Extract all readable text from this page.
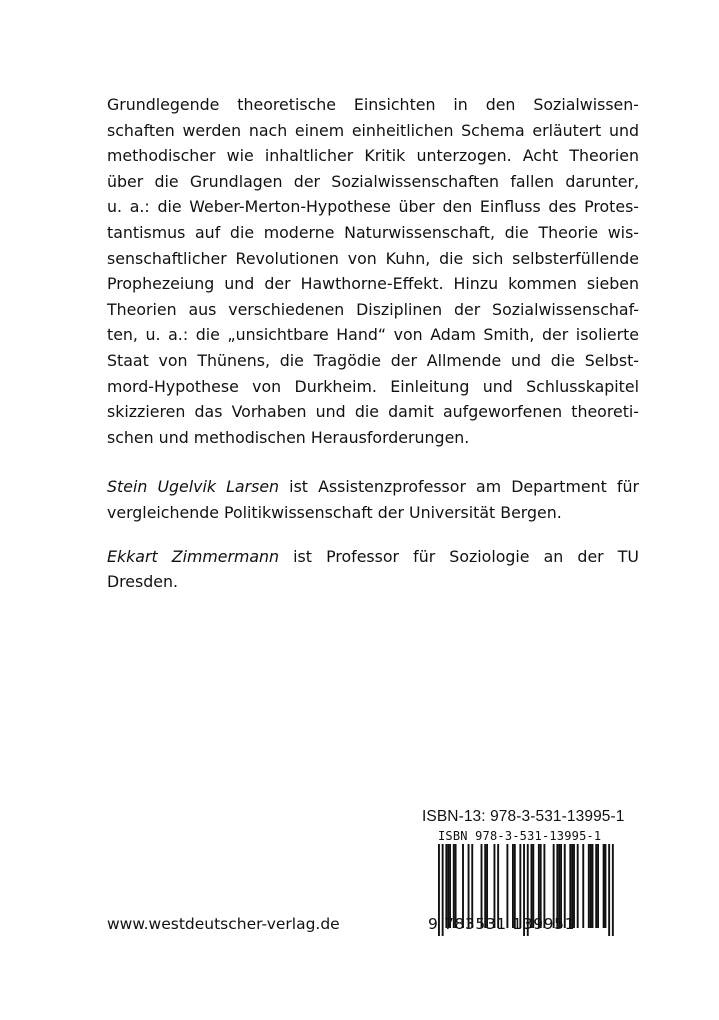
Grundlegende theoretische Einsichten in den Sozialwissen-
schaften werden nach einem einheitlichen Schema erläutert und
methodischer wie inhaltlicher Kritik unterzogen. Acht Theorien
über die Grundlagen der Sozialwissenschaften fallen darunter,
u. a.: die Weber-Merton-Hypothese über den Einfluss des Protes-
tantismus auf die moderne Naturwissenschaft, die Theorie wis-
senschaftlicher Revolutionen von Kuhn, die sich selbsterfüllende
Prophezeiung und der Hawthorne-Effekt. Hinzu kommen sieben
Theorien aus verschiedenen Disziplinen der Sozialwissenschaf-
ten, u. a.: die „unsichtbare Hand“ von Adam Smith, der isolierte
Staat von Thünens, die Tragödie der Allmende und die Selbst-
mord-Hypothese von Durkheim. Einleitung und Schlusskapitel
skizzieren das Vorhaben und die damit aufgeworfenen theoreti-
schen und methodischen Herausforderungen.
Stein Ugelvik Larsen ist Assistenzprofessor am Department für
vergleichende Politikwissenschaft der Universität Bergen.
Ekkart Zimmermann ist Professor für Soziologie an der TU
Dresden.
ISBN-13: 978-3-531-13995-1
ISBN 978-3-531-13995-1
9 783531 139951
www.westdeutscher-verlag.de
